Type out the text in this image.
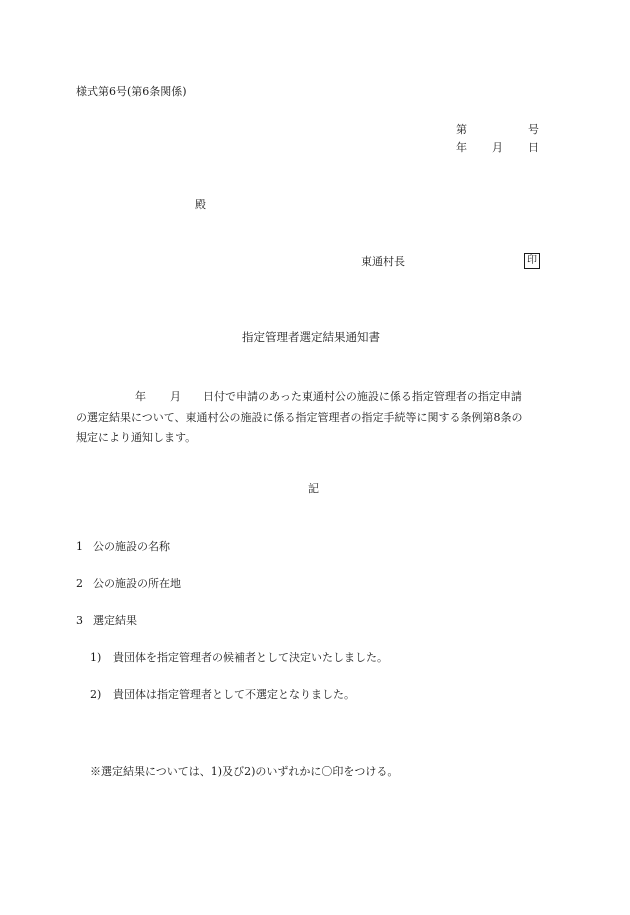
様式第6号(第6条関係)
第	号
年 月 日
殿
東通村長	印
指定管理者選定結果通知書
年 月 日付で申請のあった東通村公の施設に係る指定管理者の指定申請
の選定結果について、東通村公の施設に係る指定管理者の指定手続等に関する条例第8条の
規定により通知します。
記
1 公の施設の名称
2 公の施設の所在地
3 選定結果
1) 貴団体を指定管理者の候補者として決定いたしました。
2) 貴団体は指定管理者として不選定となりました。
※選定結果については、1)及び2)のいずれかに〇印をつける。
